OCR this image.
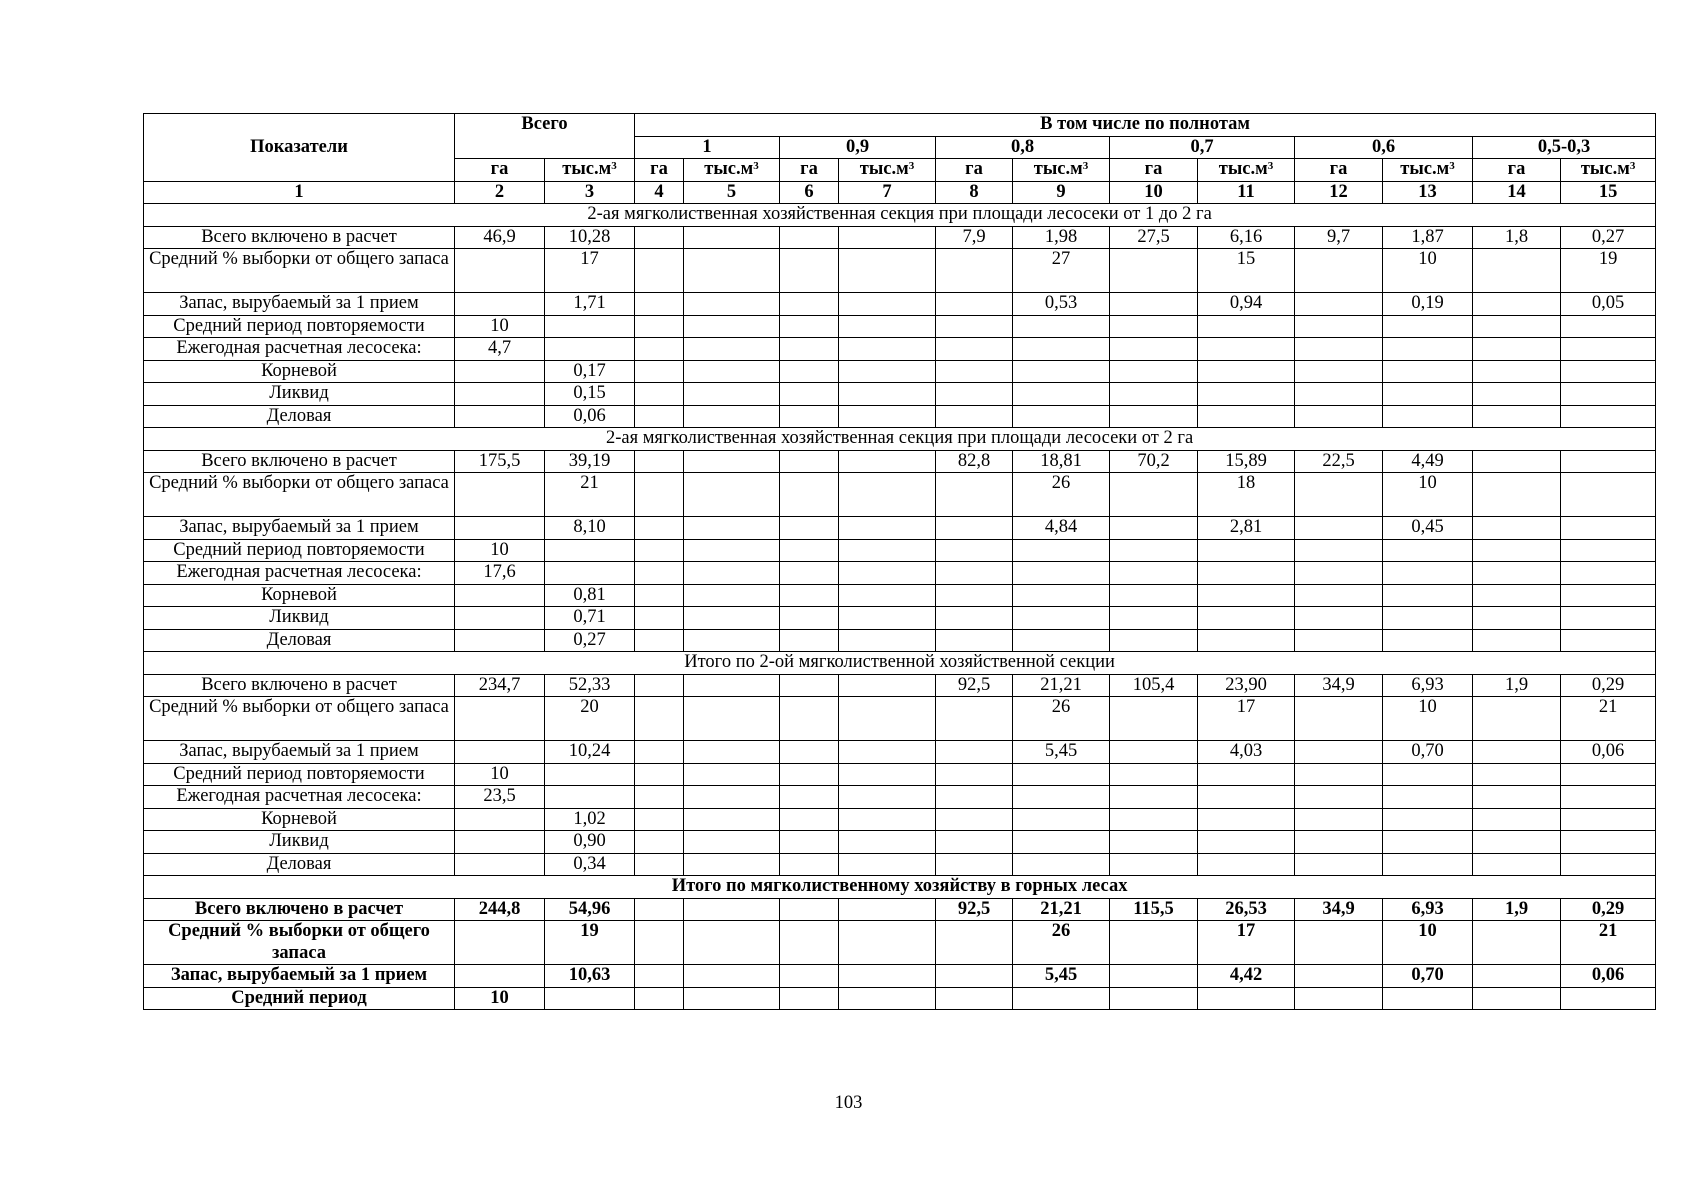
Показатели	Всего		В том числе по полнотам											
			1		0,9		0,8		0,7		0,6		0,5-0,3	
	га	$тыс.м^3$	га	$тыс.м^3$	га	$тыс.м^3$	га	$тыс.м^3$	га	$тыс.м^3$	га	$тыс.м^3$	га	$тыс.м^3$
1	2	3	4	5	6	7	8	9	10	11	12	13	14	15
2-ая мягколиственная хозяйственная секция при площади лесосеки от 1 до 2 га														
Всего включено в расчет	46,9	10,28					7,9	1,98	27,5	6,16	9,7	1,87	1,8	0,27
Средний % выборки от общего запаса		17						27		15		10		19
Запас, вырубаемый за 1 прием		1,71						0,53		0,94		0,19		0,05
Средний период повторяемости	10													
Ежегодная расчетная лесосека:	4,7													
Корневой		0,17												
Ликвид		0,15												
Деловая		0,06												
2-ая мягколиственная хозяйственная секция при площади лесосеки от 2 га														
Всего включено в расчет	175,5	39,19					82,8	18,81	70,2	15,89	22,5	4,49		
Средний % выборки от общего запаса		21						26		18		10		
Запас, вырубаемый за 1 прием		8,10						4,84		2,81		0,45		
Средний период повторяемости	10													
Ежегодная расчетная лесосека:	17,6													
Корневой		0,81												
Ликвид		0,71												
Деловая		0,27												
Итого по 2-ой мягколиственной хозяйственной секции														
Всего включено в расчет	234,7	52,33					92,5	21,21	105,4	23,90	34,9	6,93	1,9	0,29
Средний % выборки от общего запаса		20						26		17		10		21
Запас, вырубаемый за 1 прием		10,24						5,45		4,03		0,70		0,06
Средний период повторяемости	10													
Ежегодная расчетная лесосека:	23,5													
Корневой		1,02												
Ликвид		0,90												
Деловая		0,34												
Итого по мягколиственному хозяйству в горных лесах														
Всего включено в расчет	244,8	54,96					92,5	21,21	115,5	26,53	34,9	6,93	1,9	0,29
Средний % выборки от общего запаса		19						26		17		10		21
Запас, вырубаемый за 1 прием		10,63						5,45		4,42		0,70		0,06
Средний период	10													
103
